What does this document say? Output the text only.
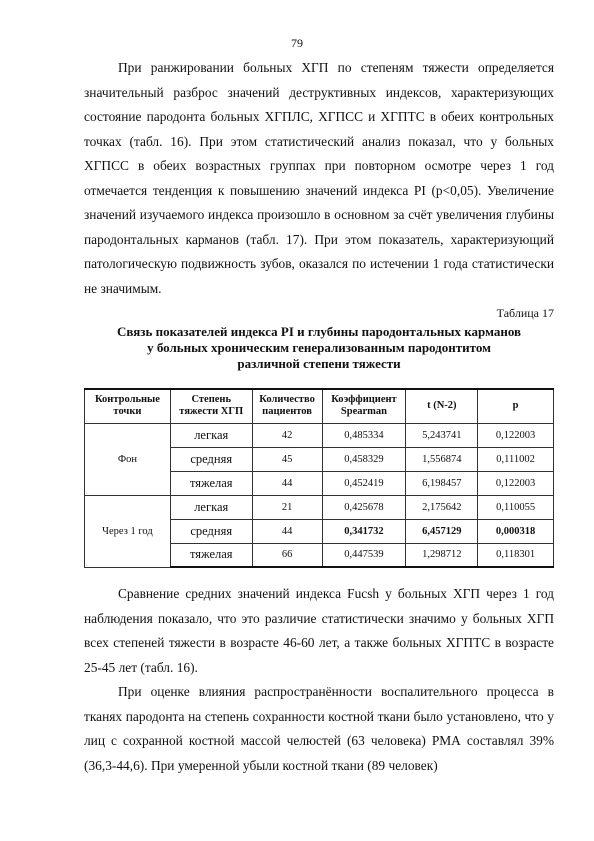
79

При ранжировании больных ХГП по степеням тяжести определяется значительный разброс значений деструктивных индексов, характеризующих состояние пародонта больных ХГПЛС, ХГПСС и ХГПТС в обеих контрольных точках (табл. 16). При этом статистический анализ показал, что у больных ХГПСС в обеих возрастных группах при повторном осмотре через 1 год отмечается тенденция к повышению значений индекса PI (p<0,05). Увеличение значений изучаемого индекса произошло в основном за счёт увеличения глубины пародонтальных карманов (табл. 17). При этом показатель, характеризующий патологическую подвижность зубов, оказался по истечении 1 года статистически не значимым.

Таблица 17
Связь показателей индекса PI и глубины пародонтальных карманов
у больных хроническим генерализованным пародонтитом
различной степени тяжести
Контрольные точки	Степень тяжести ХГП	Количество пациентов	Коэффициент Spearman	t (N-2)	p
Фон	легкая	42	0,485334	5,243741	0,122003
	средняя	45	0,458329	1,556874	0,111002
	тяжелая	44	0,452419	6,198457	0,122003
Через 1 год	легкая	21	0,425678	2,175642	0,110055
	средняя	44	0,341732	6,457129	0,000318
	тяжелая	66	0,447539	1,298712	0,118301

Сравнение средних значений индекса Fucsh у больных ХГП через 1 год наблюдения показало, что это различие статистически значимо у больных ХГП всех степеней тяжести в возрасте 46-60 лет, а также больных ХГПТС в возрасте 25-45 лет (табл. 16).

При оценке влияния распространённости воспалительного процесса в тканях пародонта на степень сохранности костной ткани было установлено, что у лиц с сохранной костной массой челюстей (63 человека) РМА составлял 39% (36,3-44,6). При умеренной убыли костной ткани (89 человек)
